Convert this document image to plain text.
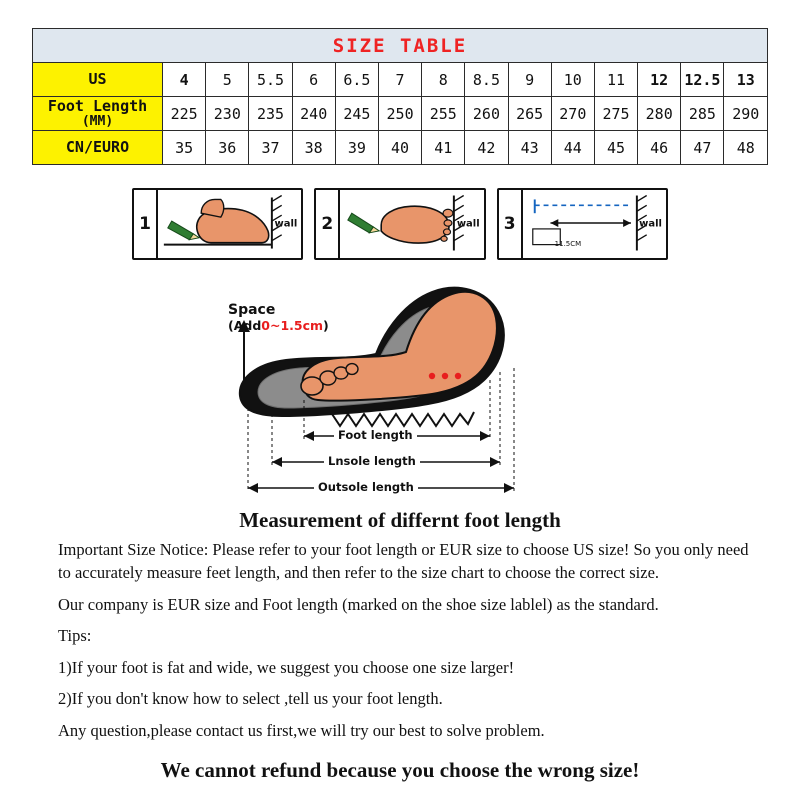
SIZE TABLE														
US	4	5	5.5	6	6.5	7	8	8.5	9	10	11	12	12.5	13
Foot Length
(MM)	225	230	235	240	245	250	255	260	265	270	275	280	285	290
CN/EURO	35	36	37	38	39	40	41	42	43	44	45	46	47	48
1	wall 2	wall 3
11.5CM
wall
Space
(Add0~1.5cm)
Foot length
Lnsole length
Outsole length
Measurement of differnt foot length

Important Size Notice: Please refer to your foot length or EUR size to choose US size! So you only need to accurately measure feet length, and then refer to the size chart to choose the correct size.

Our company is EUR size and Foot length (marked on the shoe size lablel) as the standard.

Tips:

1)If your foot is fat and wide, we suggest you choose one size larger!

2)If you don't know how to select ,tell us your foot length.

Any question,please contact us first,we will try our best to solve problem.

We cannot refund because you choose the wrong size!
